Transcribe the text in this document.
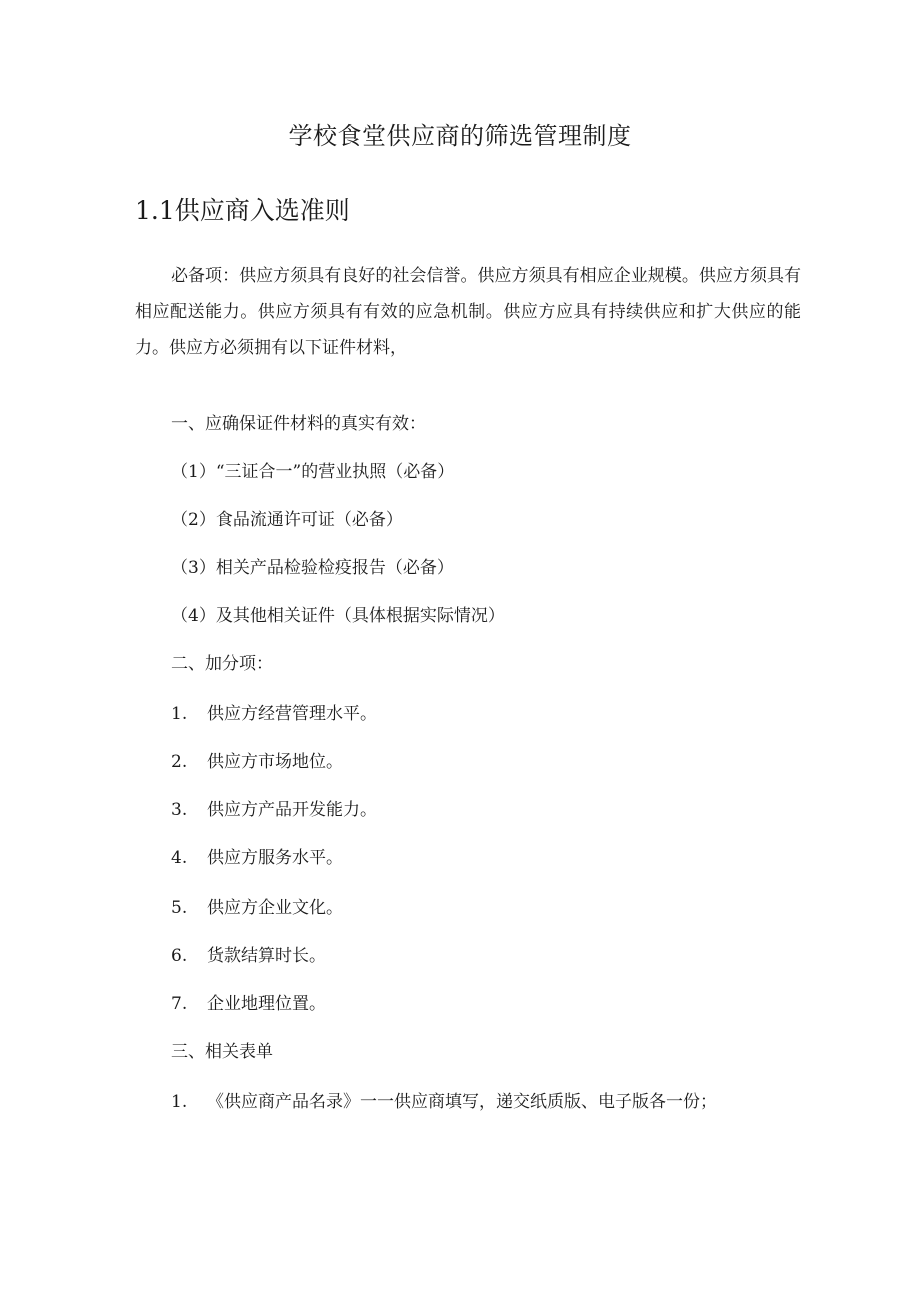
学校食堂供应商的筛选管理制度
1.1供应商入选准则

必备项：供应方须具有良好的社会信誉。供应方须具有相应企业规模。供应方须具有相应配送能力。供应方须具有有效的应急机制。供应方应具有持续供应和扩大供应的能力。供应方必须拥有以下证件材料，

一、应确保证件材料的真实有效：
（1）“三证合一”的营业执照（必备）
（2）食品流通许可证（必备）
（3）相关产品检验检疫报告（必备）
（4）及其他相关证件（具体根据实际情况）
二、加分项：
1. 供应方经营管理水平。
2. 供应方市场地位。
3. 供应方产品开发能力。
4. 供应方服务水平。
5. 供应方企业文化。
6. 货款结算时长。
7. 企业地理位置。
三、相关表单
1. 《供应商产品名录》一一供应商填写，递交纸质版、电子版各一份；
